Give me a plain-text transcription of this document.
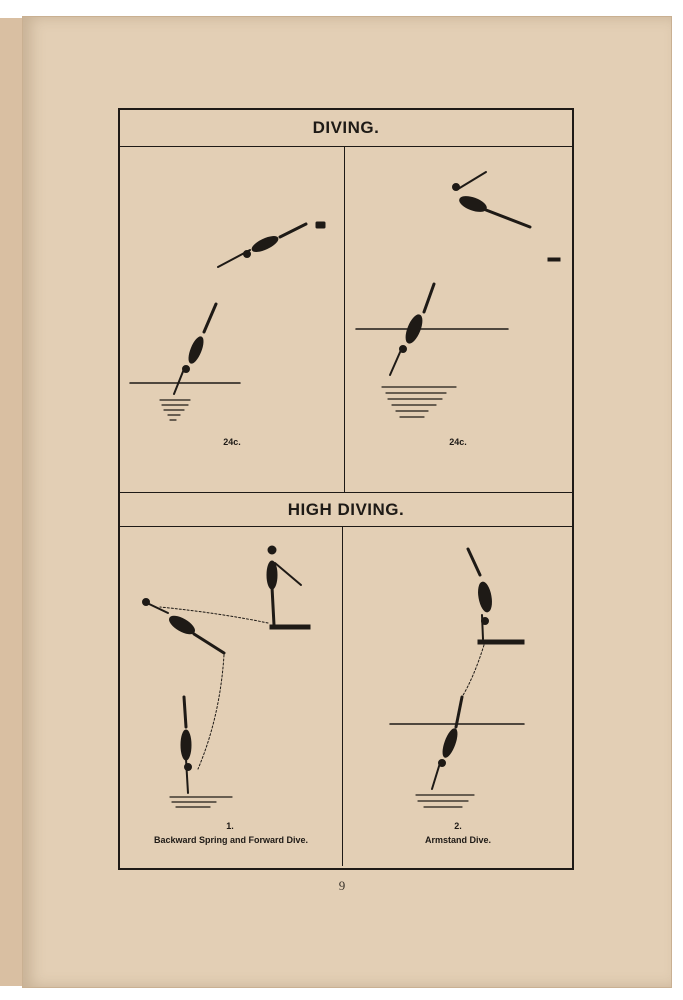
DIVING.
HIGH DIVING.
24c.	24c.
1.
Backward Spring and Forward Dive.
2.
Armstand Dive.
9
